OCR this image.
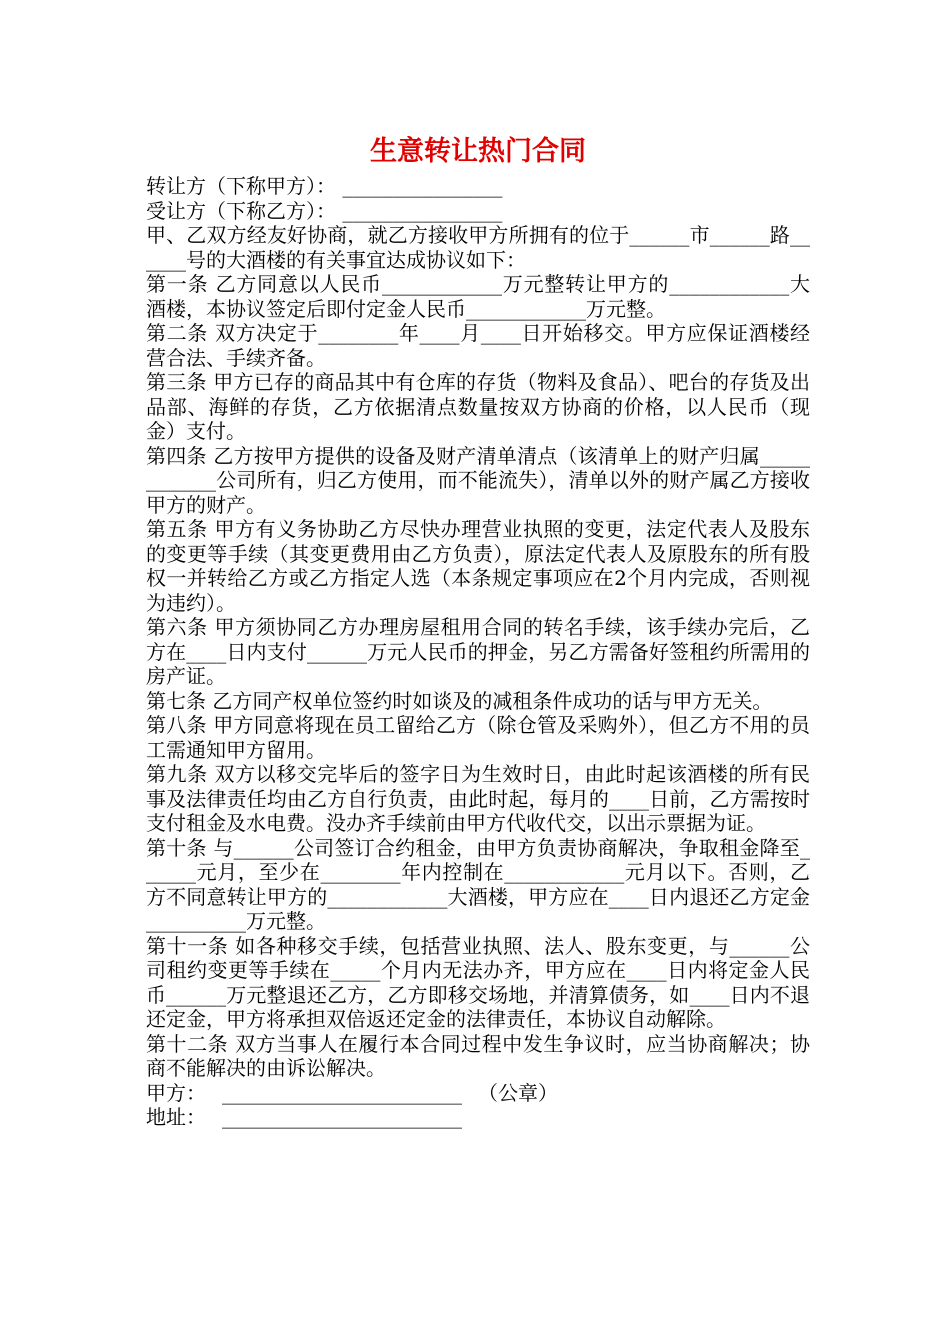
生意转让热门合同

转让方（下称甲方）： ________________

受让方（下称乙方）： ________________

甲、乙双方经友好协商，就乙方接收甲方所拥有的位于______市______路______号的大酒楼的有关事宜达成协议如下：

第一条 乙方同意以人民币____________万元整转让甲方的____________大酒楼，本协议签定后即付定金人民币____________万元整。

第二条 双方决定于________年____月____日开始移交。甲方应保证酒楼经营合法、手续齐备。

第三条 甲方已存的商品其中有仓库的存货（物料及食品）、吧台的存货及出品部、海鲜的存货，乙方依据清点数量按双方协商的价格，以人民币（现金）支付。

第四条 乙方按甲方提供的设备及财产清单清点（该清单上的财产归属____________公司所有，归乙方使用，而不能流失），清单以外的财产属乙方接收甲方的财产。

第五条 甲方有义务协助乙方尽快办理营业执照的变更，法定代表人及股东的变更等手续（其变更费用由乙方负责），原法定代表人及原股东的所有股权一并转给乙方或乙方指定人选（本条规定事项应在2个月内完成，否则视为违约）。

第六条 甲方须协同乙方办理房屋租用合同的转名手续，该手续办完后，乙方在____日内支付______万元人民币的押金，另乙方需备好签租约所需用的房产证。

第七条 乙方同产权单位签约时如谈及的减租条件成功的话与甲方无关。

第八条 甲方同意将现在员工留给乙方（除仓管及采购外），但乙方不用的员工需通知甲方留用。

第九条 双方以移交完毕后的签字日为生效时日，由此时起该酒楼的所有民事及法律责任均由乙方自行负责，由此时起，每月的____日前，乙方需按时支付租金及水电费。没办齐手续前由甲方代收代交，以出示票据为证。

第十条 与______公司签订合约租金，由甲方负责协商解决，争取租金降至______元月，至少在________年内控制在____________元月以下。否则，乙方不同意转让甲方的____________大酒楼，甲方应在____日内退还乙方定金__________万元整。

第十一条 如各种移交手续，包括营业执照、法人、股东变更，与______公司租约变更等手续在_____个月内无法办齐，甲方应在____日内将定金人民币______万元整退还乙方，乙方即移交场地，并清算债务，如____日内不退还定金，甲方将承担双倍返还定金的法律责任，本协议自动解除。

第十二条 双方当事人在履行本合同过程中发生争议时，应当协商解决；协商不能解决的由诉讼解决。

甲方： ________________________ （公章）
地址： ________________________
